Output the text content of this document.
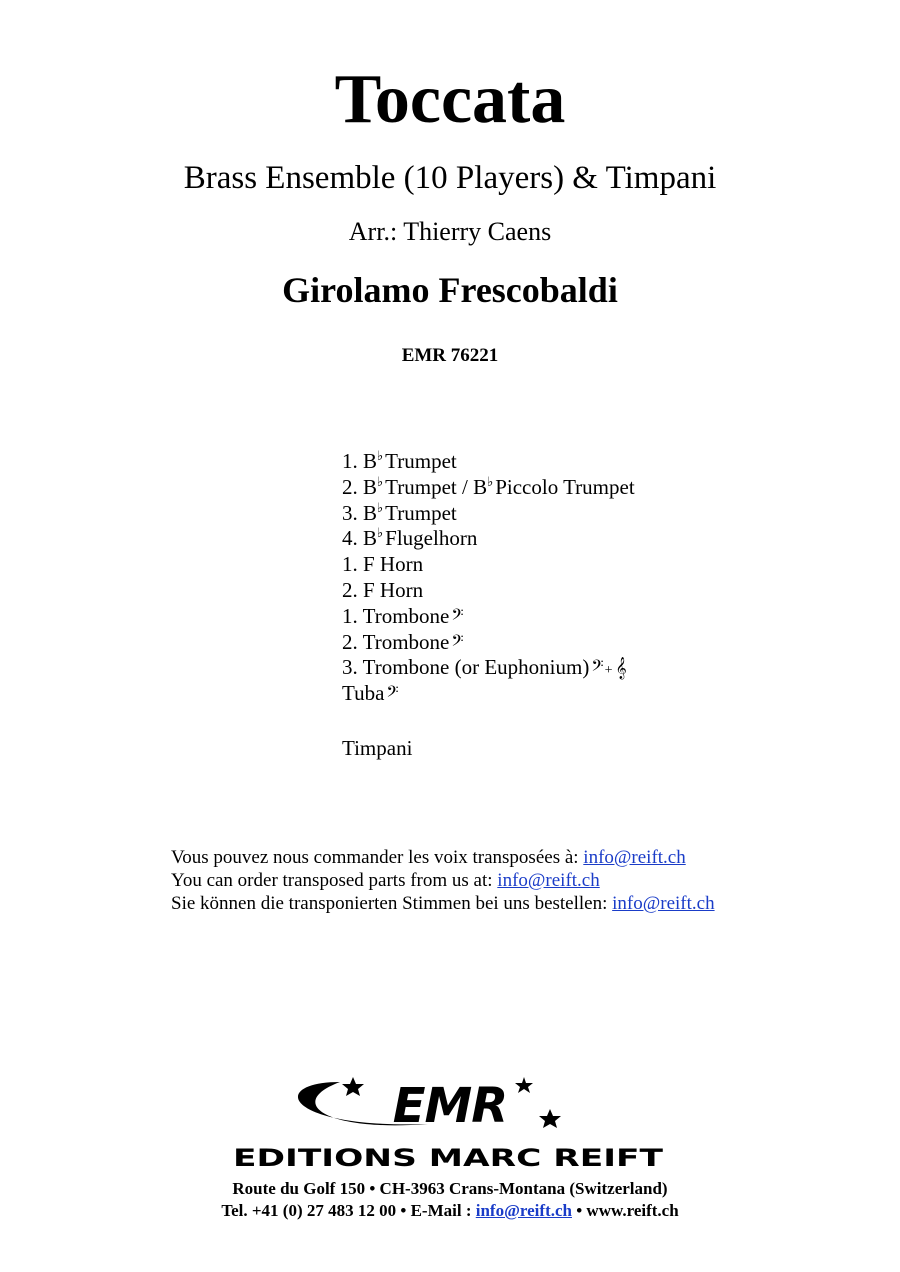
Toccata
Brass Ensemble (10 Players) & Timpani
Arr.: Thierry Caens
Girolamo Frescobaldi
EMR 76221
1. B♭Trumpet
2. B♭Trumpet / B♭Piccolo Trumpet
3. B♭Trumpet
4. B♭Flugelhorn
1. F Horn
2. F Horn
1. Trombone 𝄢
2. Trombone 𝄢
3. Trombone (or Euphonium) 𝄢+ 𝄞
Tuba 𝄢
Timpani
Vous pouvez nous commander les voix transposées à: info@reift.ch
You can order transposed parts from us at: info@reift.ch
Sie können die transponierten Stimmen bei uns bestellen: info@reift.ch
EMR
EDITIONS MARC REIFT
Route du Golf 150 • CH-3963 Crans-Montana (Switzerland)
Tel. +41 (0) 27 483 12 00 • E-Mail : info@reift.ch • www.reift.ch
